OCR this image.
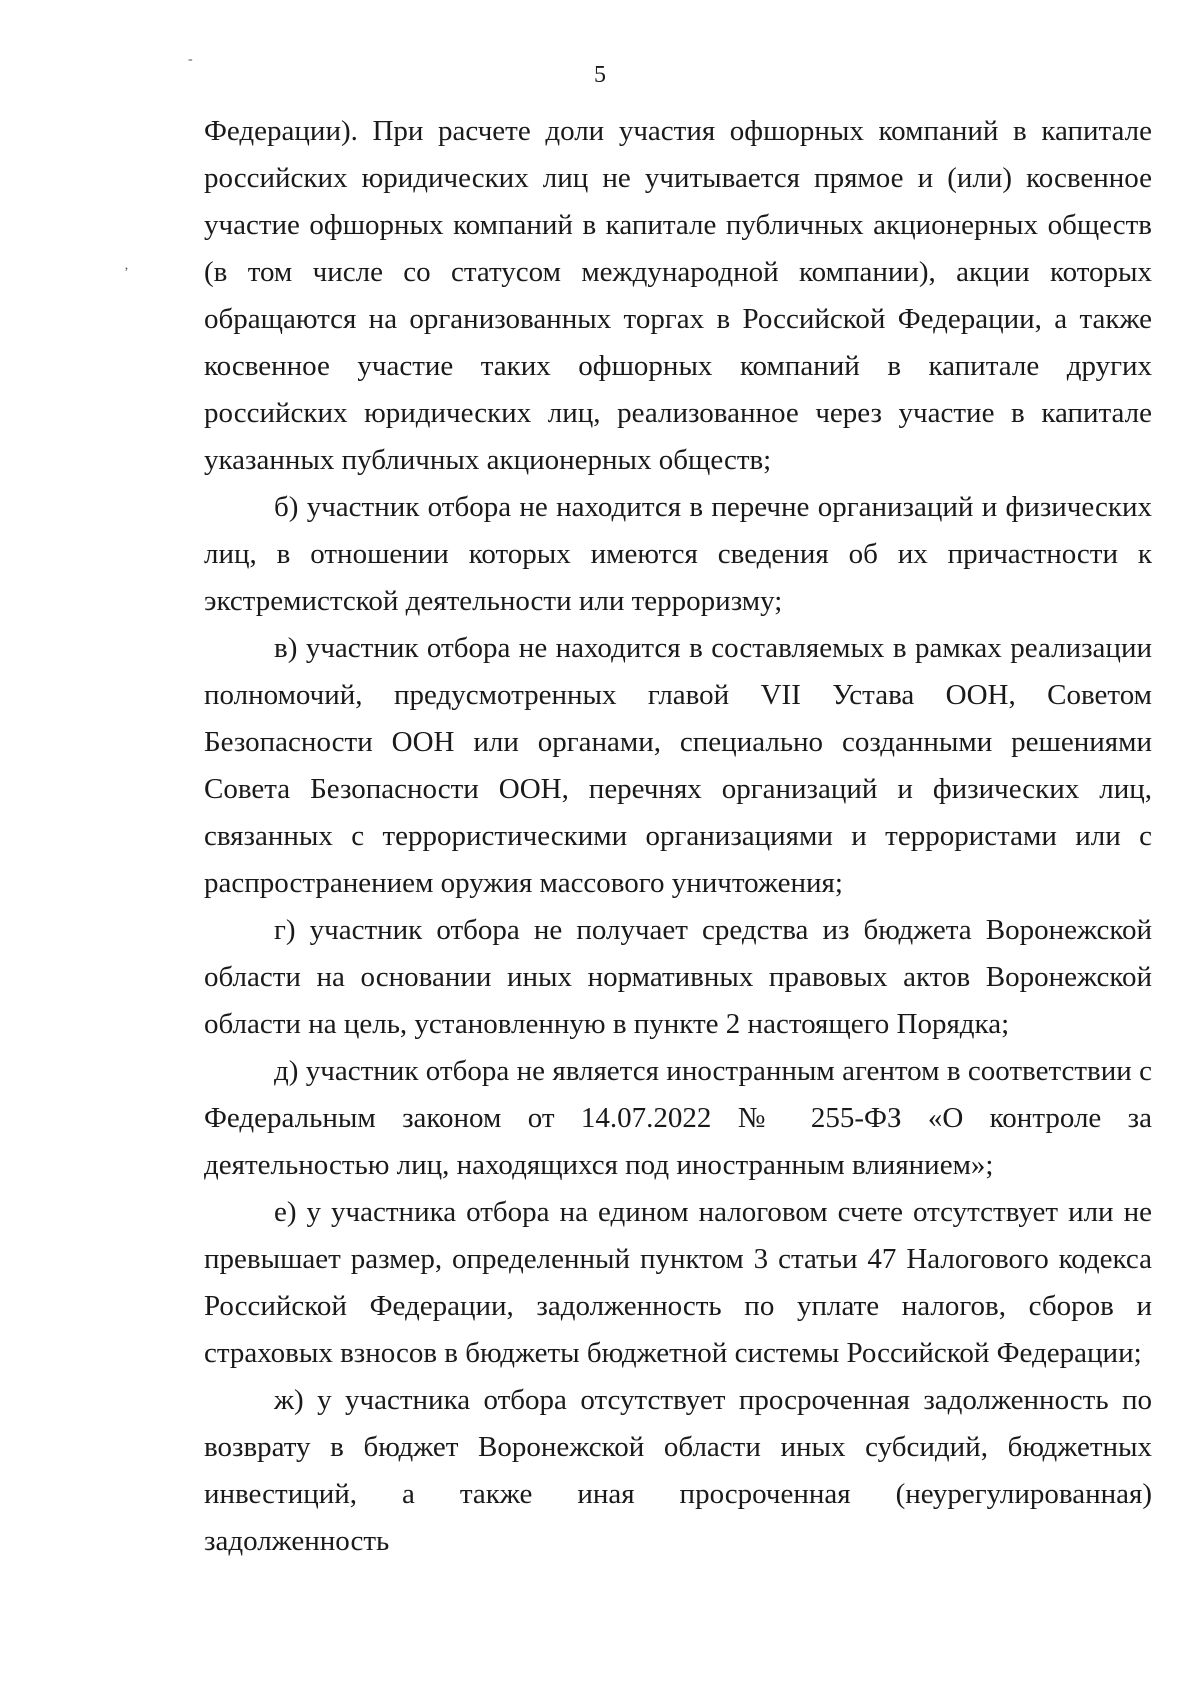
-
‚
5

Федерации). При расчете доли участия офшорных компаний в капитале российских юридических лиц не учитывается прямое и (или) косвенное участие офшорных компаний в капитале публичных акционерных обществ (в том числе со статусом международной компании), акции которых обращаются на организованных торгах в Российской Федерации, а также косвенное участие таких офшорных компаний в капитале других российских юридических лиц, реализованное через участие в капитале указанных публичных акционерных обществ;

б) участник отбора не находится в перечне организаций и физических лиц, в отношении которых имеются сведения об их причастности к экстремистской деятельности или терроризму;

в) участник отбора не находится в составляемых в рамках реализации полномочий, предусмотренных главой VII Устава ООН, Советом Безопасности ООН или органами, специально созданными решениями Совета Безопасности ООН, перечнях организаций и физических лиц, связанных с террористическими организациями и террористами или с распространением оружия массового уничтожения;

г) участник отбора не получает средства из бюджета Воронежской области на основании иных нормативных правовых актов Воронежской области на цель, установленную в пункте 2 настоящего Порядка;

д) участник отбора не является иностранным агентом в соответствии с Федеральным законом от 14.07.2022 № 255-ФЗ «О контроле за деятельностью лиц, находящихся под иностранным влиянием»;

е) у участника отбора на едином налоговом счете отсутствует или не превышает размер, определенный пунктом 3 статьи 47 Налогового кодекса Российской Федерации, задолженность по уплате налогов, сборов и страховых взносов в бюджеты бюджетной системы Российской Федерации;

ж) у участника отбора отсутствует просроченная задолженность по возврату в бюджет Воронежской области иных субсидий, бюджетных инвестиций, а также иная просроченная (неурегулированная) задолженность
